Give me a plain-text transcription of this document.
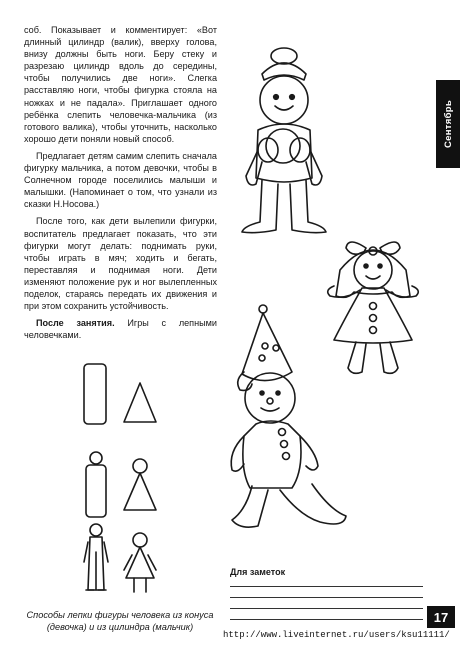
соб. Показывает и комментирует: «Вот длинный цилиндр (валик), вверху голова, внизу должны быть ноги. Беру стеку и разрезаю цилиндр вдоль до середины, чтобы получились две ноги». Слегка расставляю ноги, чтобы фигурка стояла на ножках и не падала». Приглашает одного ребёнка слепить человечка-мальчика (из готового валика), чтобы уточнить, насколько хорошо дети поняли новый способ.

Предлагает детям самим слепить сначала фигурку мальчика, а потом девочки, чтобы в Солнечном городе поселились малыши и малышки. (Напоминает о том, что узнали из сказки Н.Носова.)

После того, как дети вылепили фигурки, воспитатель предлагает показать, что эти фигурки могут делать: поднимать руки, чтобы играть в мяч; ходить и бегать, переставляя и поднимая ноги. Дети изменяют положение рук и ног вылепленных поделок, стараясь передать их движения и при этом сохранить устойчивость.

После занятия. Игры с лепными человечками.

Сентябрь
Для заметок
Способы лепки фигуры человека из конуса (девочка) и из цилиндра (мальчик)
17
http://www.liveinternet.ru/users/ksu11111/
